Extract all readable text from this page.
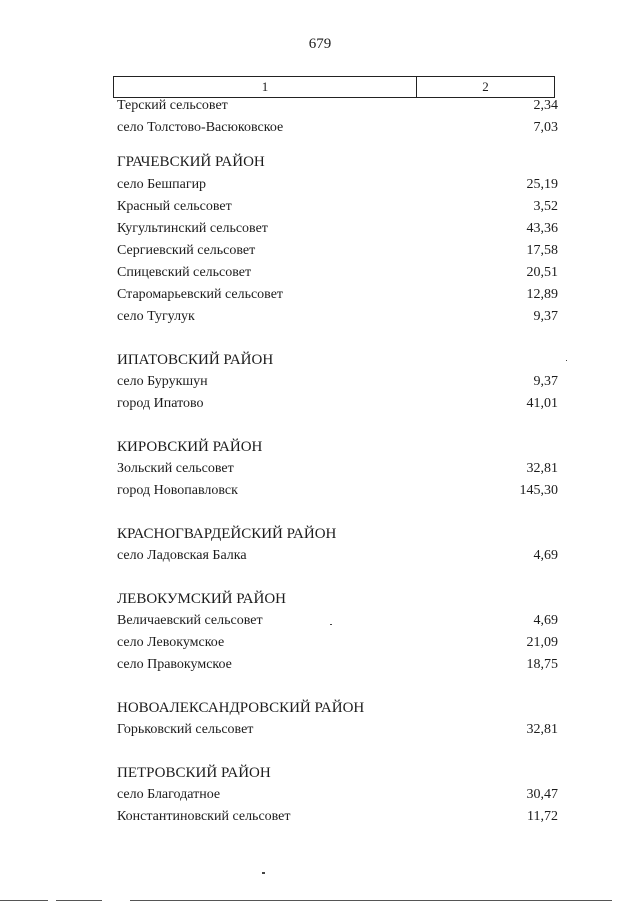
679
1	2
Терский сельсовет	2,34
село Толстово-Васюковское	7,03
ГРАЧЕВСКИЙ РАЙОН
село Бешпагир	25,19
Красный сельсовет	3,52
Кугультинский сельсовет	43,36
Сергиевский сельсовет	17,58
Спицевский сельсовет	20,51
Старомарьевский сельсовет	12,89
село Тугулук	9,37
ИПАТОВСКИЙ РАЙОН
село Бурукшун	9,37
город Ипатово	41,01
КИРОВСКИЙ РАЙОН
Зольский сельсовет	32,81
город Новопавловск	145,30
КРАСНОГВАРДЕЙСКИЙ РАЙОН
село Ладовская Балка	4,69
ЛЕВОКУМСКИЙ РАЙОН
Величаевский сельсовет	4,69
село Левокумское	21,09
село Правокумское	18,75
НОВОАЛЕКСАНДРОВСКИЙ РАЙОН
Горьковский сельсовет	32,81
ПЕТРОВСКИЙ РАЙОН
село Благодатное	30,47
Константиновский сельсовет	11,72
